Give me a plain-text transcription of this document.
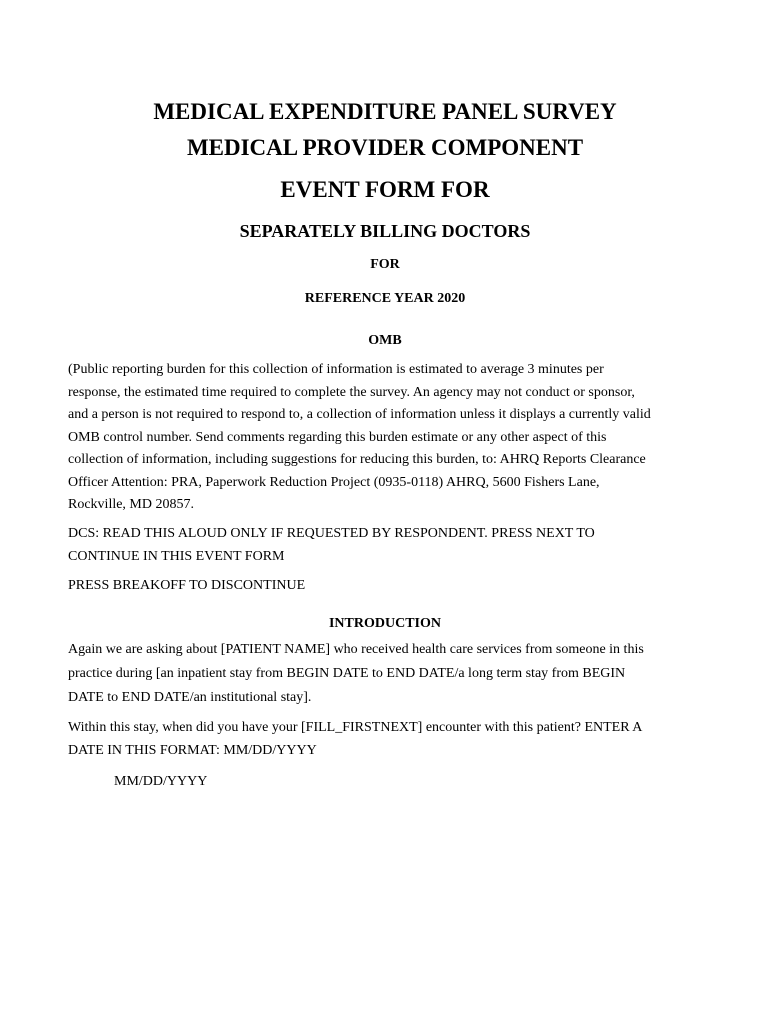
MEDICAL EXPENDITURE PANEL SURVEY
MEDICAL PROVIDER COMPONENT
EVENT FORM FOR
SEPARATELY BILLING DOCTORS
FOR
REFERENCE YEAR 2020
OMB
(Public reporting burden for this collection of information is estimated to average 3 minutes per
response, the estimated time required to complete the survey. An agency may not conduct or sponsor,
and a person is not required to respond to, a collection of information unless it displays a currently valid
OMB control number. Send comments regarding this burden estimate or any other aspect of this
collection of information, including suggestions for reducing this burden, to: AHRQ Reports Clearance
Officer Attention: PRA, Paperwork Reduction Project (0935-0118) AHRQ, 5600 Fishers Lane,
Rockville, MD 20857.
DCS: READ THIS ALOUD ONLY IF REQUESTED BY RESPONDENT. PRESS NEXT TO
CONTINUE IN THIS EVENT FORM
PRESS BREAKOFF TO DISCONTINUE
INTRODUCTION
Again we are asking about [PATIENT NAME] who received health care services from someone in this
practice during [an inpatient stay from BEGIN DATE to END DATE/a long term stay from BEGIN
DATE to END DATE/an institutional stay].
Within this stay, when did you have your [FILL_FIRSTNEXT] encounter with this patient? ENTER A
DATE IN THIS FORMAT: MM/DD/YYYY
MM/DD/YYYY
